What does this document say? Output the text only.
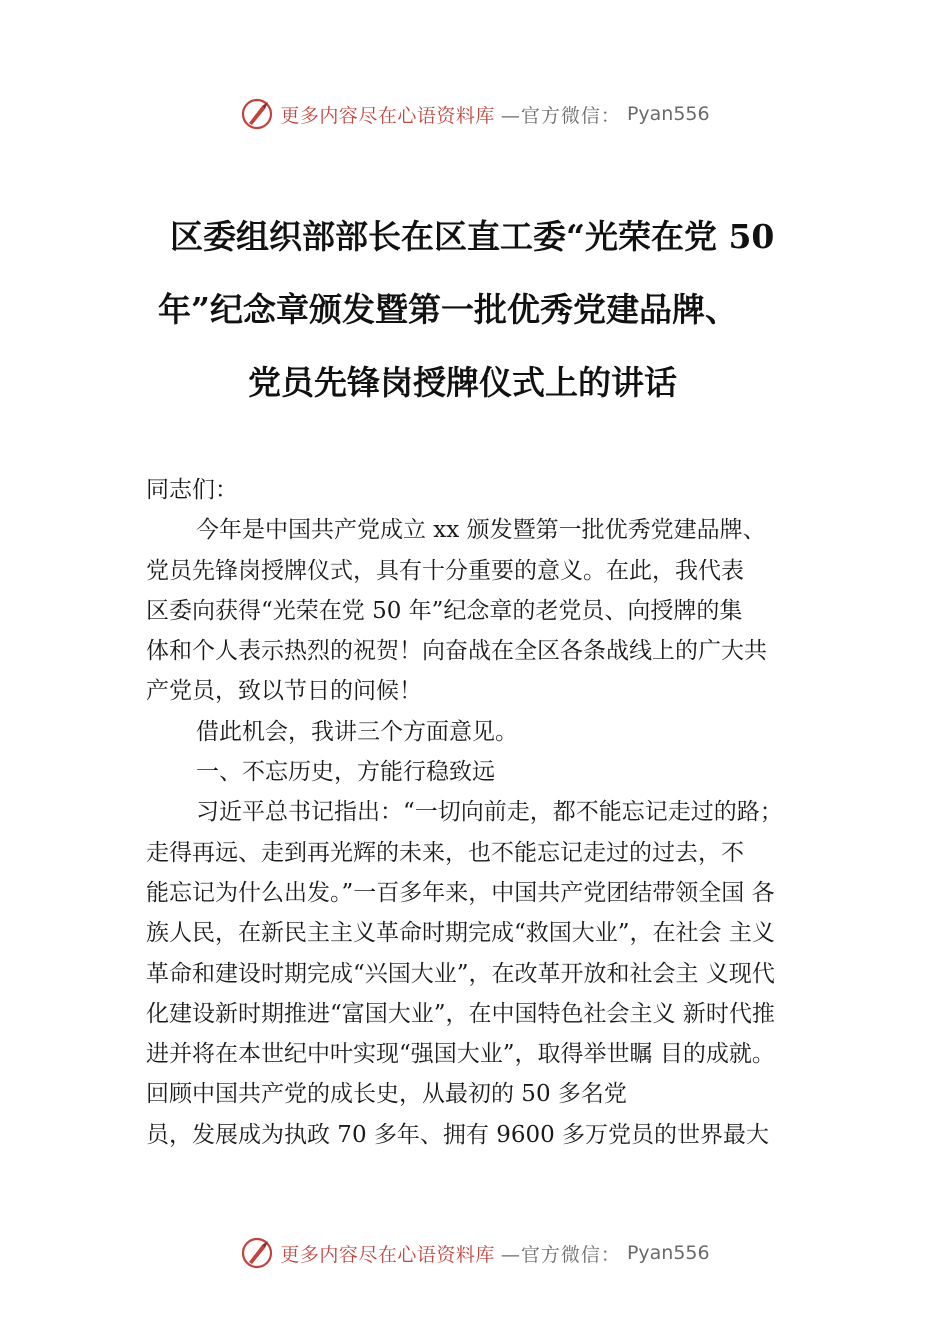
更多内容尽在心语资料库 —官方微信： Pyan556
区委组织部部长在区直工委“光荣在党 50
年”纪念章颁发暨第一批优秀党建品牌、
党员先锋岗授牌仪式上的讲话
同志们：
今年是中国共产党成立 xx 颁发暨第一批优秀党建品牌、
党员先锋岗授牌仪式，具有十分重要的意义。在此，我代表
区委向获得“光荣在党 50 年”纪念章的老党员、向授牌的集
体和个人表示热烈的祝贺！向奋战在全区各条战线上的广大共
产党员，致以节日的问候！
借此机会，我讲三个方面意见。
一、不忘历史，方能行稳致远
习近平总书记指出：“一切向前走，都不能忘记走过的路；
走得再远、走到再光辉的未来，也不能忘记走过的过去，不
能忘记为什么出发。”一百多年来，中国共产党团结带领全国 各
族人民，在新民主主义革命时期完成“救国大业”，在社会 主义
革命和建设时期完成“兴国大业”，在改革开放和社会主 义现代
化建设新时期推进“富国大业”，在中国特色社会主义 新时代推
进并将在本世纪中叶实现“强国大业”，取得举世瞩 目的成就。
回顾中国共产党的成长史，从最初的 50 多名党
员，发展成为执政 70 多年、拥有 9600 多万党员的世界最大
更多内容尽在心语资料库 —官方微信： Pyan556
